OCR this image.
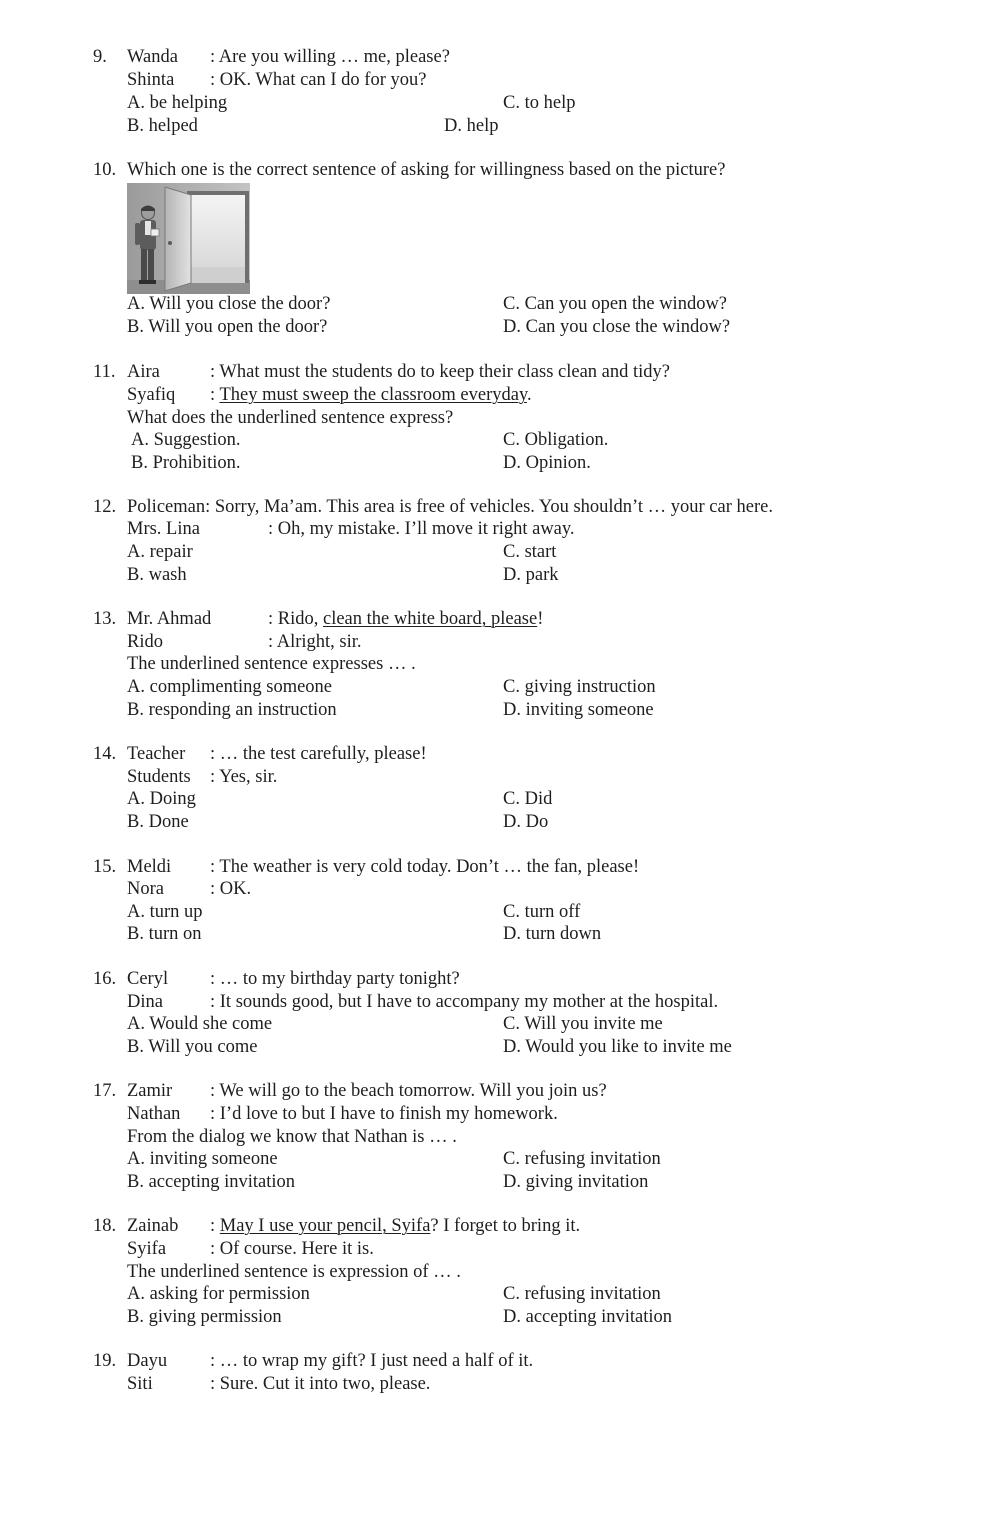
9. Wanda : Are you willing … me, please?
Shinta : OK. What can I do for you?
A. be helping	C. to help
B. helped	D. help
10. Which one is the correct sentence of asking for willingness based on the picture?
A. Will you close the door?	C. Can you open the window?
B. Will you open the door?	D. Can you close the window?
11. Aira	: What must the students do to keep their class clean and tidy?
Syafiq : They must sweep the classroom everyday.
What does the underlined sentence express?
A. Suggestion.	C. Obligation.
B. Prohibition.	D. Opinion.
12. Policeman: Sorry, Ma’am. This area is free of vehicles. You shouldn’t … your car here.
Mrs. Lina	: Oh, my mistake. I’ll move it right away.
A. repair	C. start
B. wash	D. park
13. Mr. Ahmad	: Rido, clean the white board, please!
Rido	: Alright, sir.
The underlined sentence expresses … .
A. complimenting someone	C. giving instruction
B. responding an instruction	D. inviting someone
14. Teacher : … the test carefully, please!
Students : Yes, sir.
A. Doing	C. Did
B. Done	D. Do
15. Meldi : The weather is very cold today. Don’t … the fan, please!
Nora : OK.
A. turn up	C. turn off
B. turn on	D. turn down
16. Ceryl : … to my birthday party tonight?
Dina	: It sounds good, but I have to accompany my mother at the hospital.
A. Would she come	C. Will you invite me
B. Will you come	D. Would you like to invite me
17. Zamir : We will go to the beach tomorrow. Will you join us?
Nathan : I’d love to but I have to finish my homework.
From the dialog we know that Nathan is … .
A. inviting someone	C. refusing invitation
B. accepting invitation	D. giving invitation
18. Zainab : May I use your pencil, Syifa? I forget to bring it.
Syifa : Of course. Here it is.
The underlined sentence is expression of … .
A. asking for permission	C. refusing invitation
B. giving permission	D. accepting invitation
19. Dayu : … to wrap my gift? I just need a half of it.
Siti	: Sure. Cut it into two, please.
